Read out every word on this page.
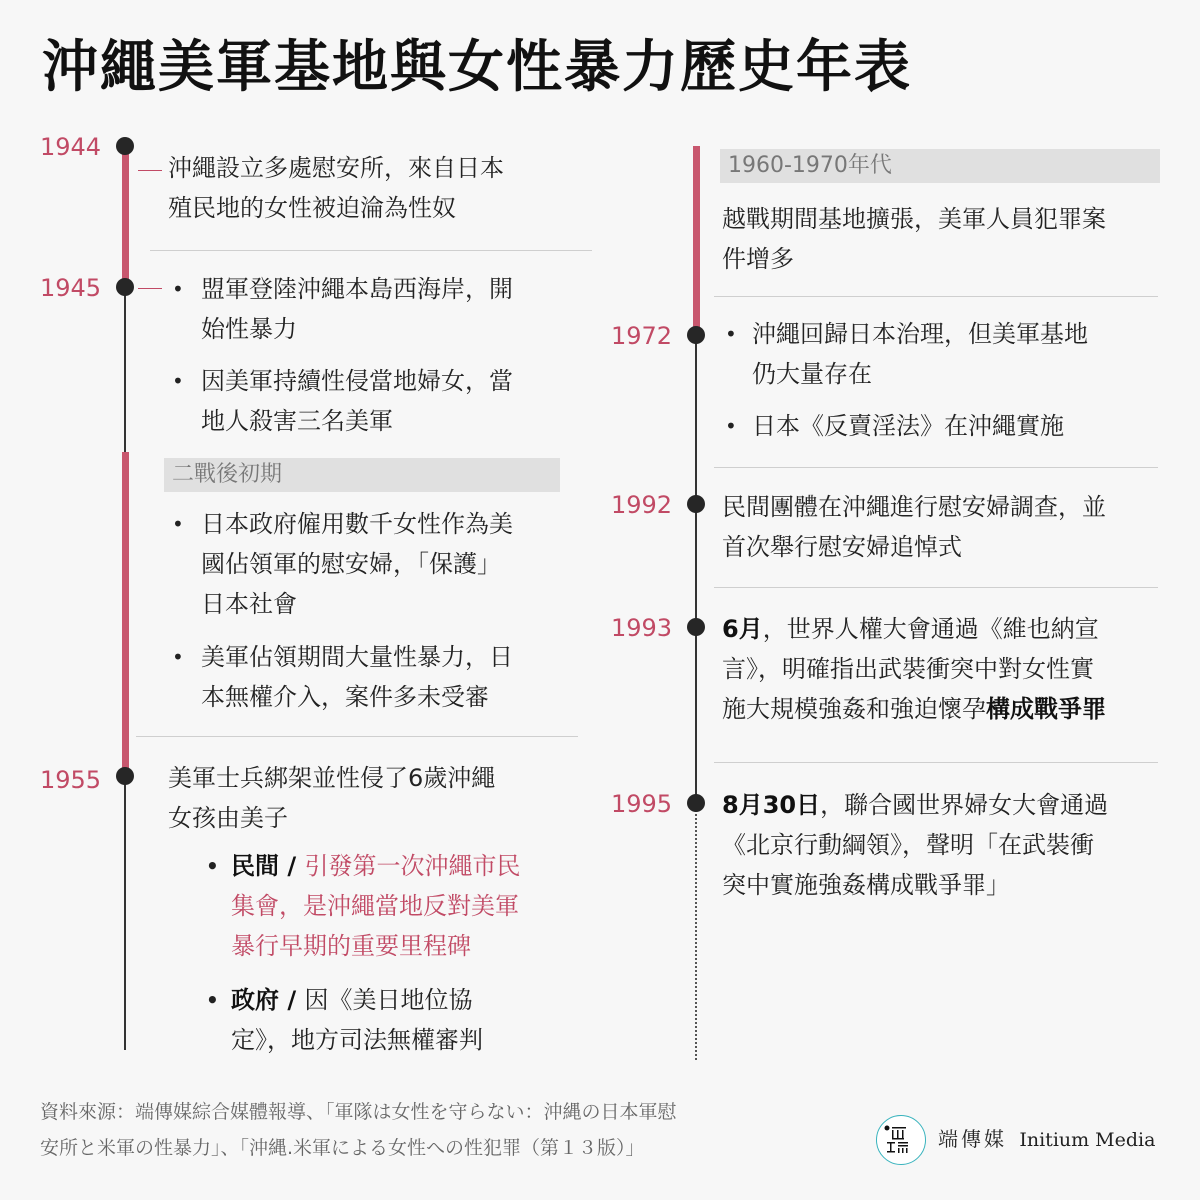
沖繩美軍基地與女性暴力歷史年表
1944
沖繩設立多處慰安所，來自日本
殖民地的女性被迫淪為性奴
1945	• 盟軍登陸沖繩本島西海岸，開
始性暴力
• 因美軍持續性侵當地婦女，當
地人殺害三名美軍
二戰後初期
• 日本政府僱用數千女性作為美
國佔領軍的慰安婦，「保護」
日本社會
• 美軍佔領期間大量性暴力，日
本無權介入，案件多未受審
1955	美軍士兵綁架並性侵了6歲沖繩
女孩由美子
• 民間 / 引發第一次沖繩市民
集會，是沖繩當地反對美軍
暴行早期的重要里程碑
• 政府 / 因《美日地位協
定》，地方司法無權審判
1960-1970年代
越戰期間基地擴張，美軍人員犯罪案
件增多
1972	• 沖繩回歸日本治理，但美軍基地
仍大量存在
• 日本《反賣淫法》在沖繩實施
1992 民間團體在沖繩進行慰安婦調查，並
首次舉行慰安婦追悼式
1993 6月，世界人權大會通過《維也納宣
言》，明確指出武裝衝突中對女性實
施大規模強姦和強迫懷孕構成戰爭罪
1995 8月30日，聯合國世界婦女大會通過
《北京行動綱領》，聲明「在武裝衝
突中實施強姦構成戰爭罪」
資料來源：端傳媒綜合媒體報導、「軍隊は女性を守らない：沖縄の日本軍慰
安所と米軍の性暴力」、「沖縄.米軍による女性への性犯罪（第１３版）」	端傳媒 Initium Media
